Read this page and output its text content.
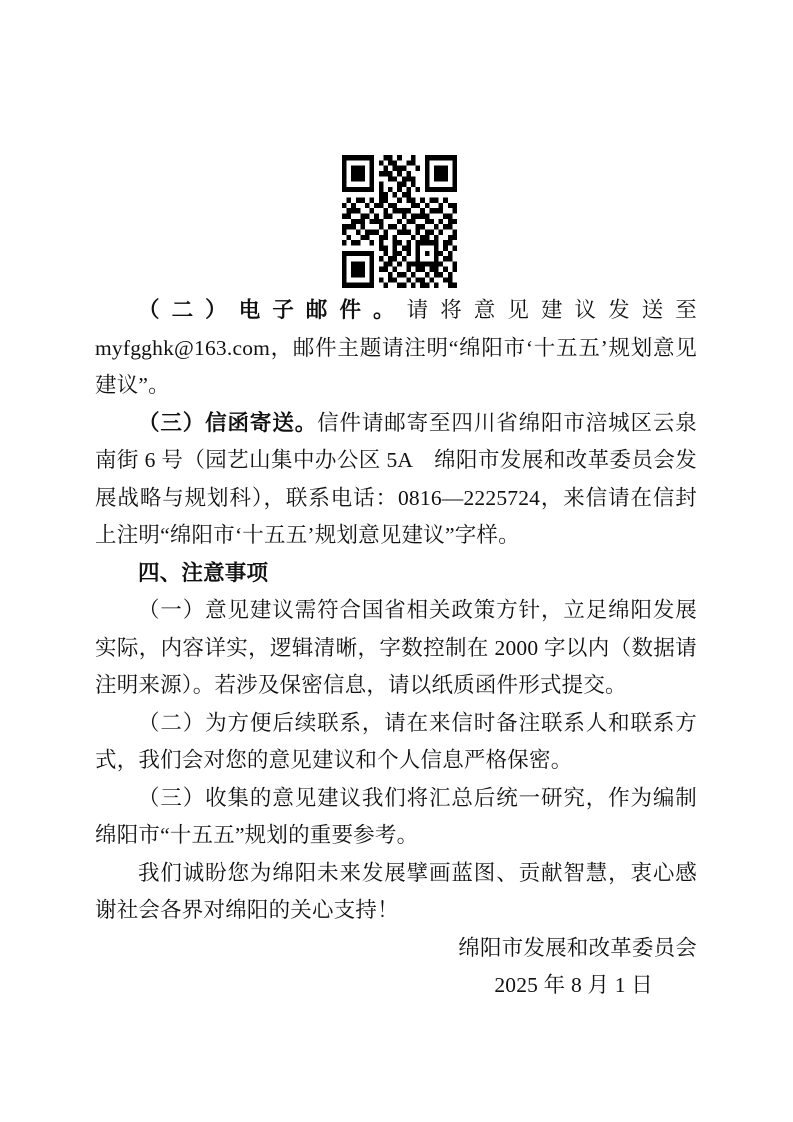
（二）电子邮件。请将意见建议发送至 myfgghk@163.com，邮件主题请注明“绵阳市‘十五五’规划意见建议”。

（三）信函寄送。信件请邮寄至四川省绵阳市涪城区云泉南街 6 号（园艺山集中办公区 5A　绵阳市发展和改革委员会发展战略与规划科），联系电话：0816—2225724，来信请在信封上注明“绵阳市‘十五五’规划意见建议”字样。

四、注意事项

（一）意见建议需符合国省相关政策方针，立足绵阳发展实际，内容详实，逻辑清晰，字数控制在 2000 字以内（数据请注明来源）。若涉及保密信息，请以纸质函件形式提交。

（二）为方便后续联系，请在来信时备注联系人和联系方式，我们会对您的意见建议和个人信息严格保密。

（三）收集的意见建议我们将汇总后统一研究，作为编制绵阳市“十五五”规划的重要参考。

我们诚盼您为绵阳未来发展擘画蓝图、贡献智慧，衷心感谢社会各界对绵阳的关心支持！

绵阳市发展和改革委员会

2025 年 8 月 1 日
